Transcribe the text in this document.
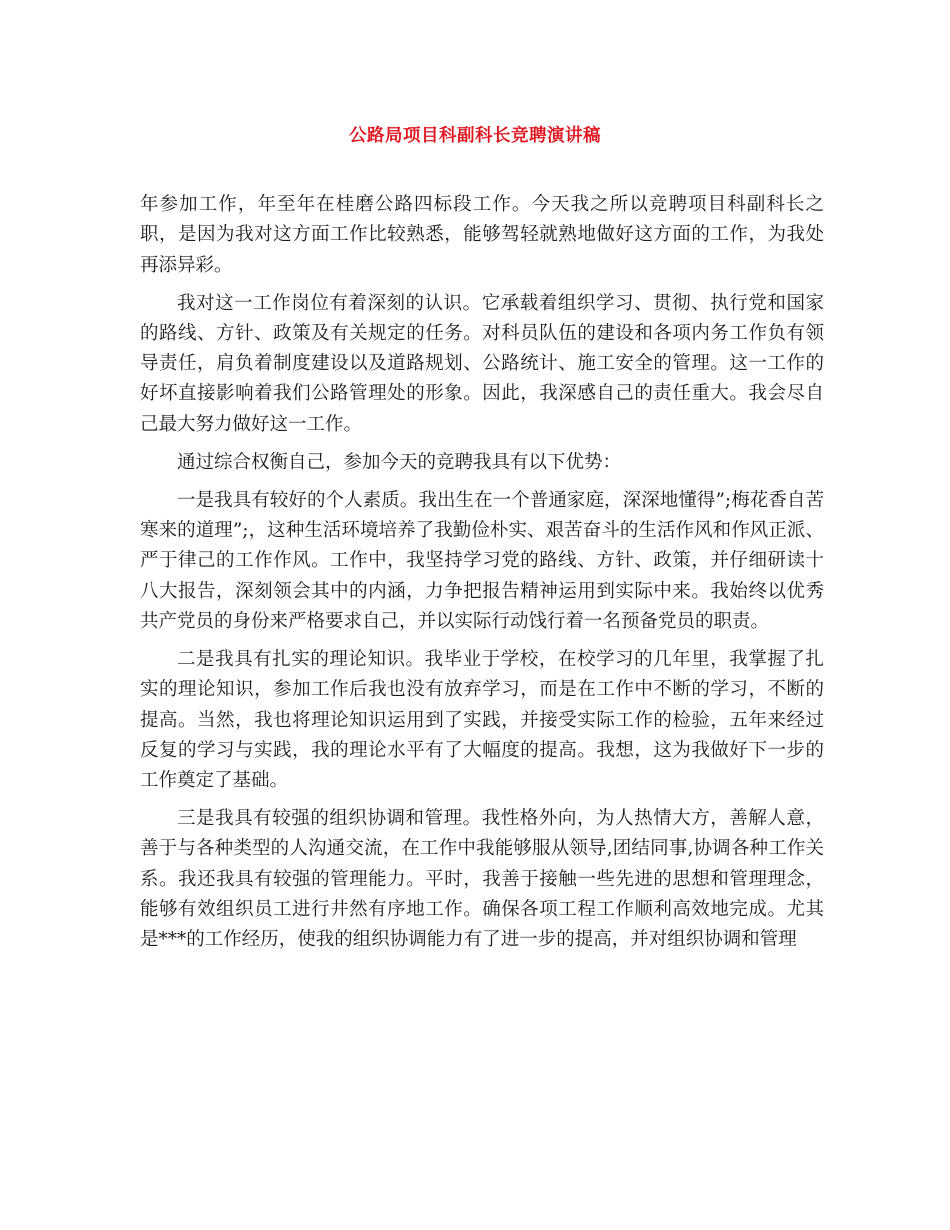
公路局项目科副科长竞聘演讲稿

年参加工作，年至年在桂磨公路四标段工作。今天我之所以竞聘项目科副科长之职，是因为我对这方面工作比较熟悉，能够驾轻就熟地做好这方面的工作，为我处再添异彩。

我对这一工作岗位有着深刻的认识。它承载着组织学习、贯彻、执行党和国家的路线、方针、政策及有关规定的任务。对科员队伍的建设和各项内务工作负有领导责任，肩负着制度建设以及道路规划、公路统计、施工安全的管理。这一工作的好坏直接影响着我们公路管理处的形象。因此，我深感自己的责任重大。我会尽自己最大努力做好这一工作。

通过综合权衡自己，参加今天的竞聘我具有以下优势：

一是我具有较好的个人素质。我出生在一个普通家庭，深深地懂得”;梅花香自苦寒来的道理”;，这种生活环境培养了我勤俭朴实、艰苦奋斗的生活作风和作风正派、严于律己的工作作风。工作中，我坚持学习党的路线、方针、政策，并仔细研读十八大报告，深刻领会其中的内涵，力争把报告精神运用到实际中来。我始终以优秀共产党员的身份来严格要求自己，并以实际行动饯行着一名预备党员的职责。

二是我具有扎实的理论知识。我毕业于学校，在校学习的几年里，我掌握了扎实的理论知识，参加工作后我也没有放弃学习，而是在工作中不断的学习，不断的提高。当然，我也将理论知识运用到了实践，并接受实际工作的检验，五年来经过反复的学习与实践，我的理论水平有了大幅度的提高。我想，这为我做好下一步的工作奠定了基础。

三是我具有较强的组织协调和管理。我性格外向，为人热情大方，善解人意，善于与各种类型的人沟通交流，在工作中我能够服从领导,团结同事,协调各种工作关系。我还我具有较强的管理能力。平时，我善于接触一些先进的思想和管理理念，能够有效组织员工进行井然有序地工作。确保各项工程工作顺利高效地完成。尤其是***的工作经历，使我的组织协调能力有了进一步的提高，并对组织协调和管理
